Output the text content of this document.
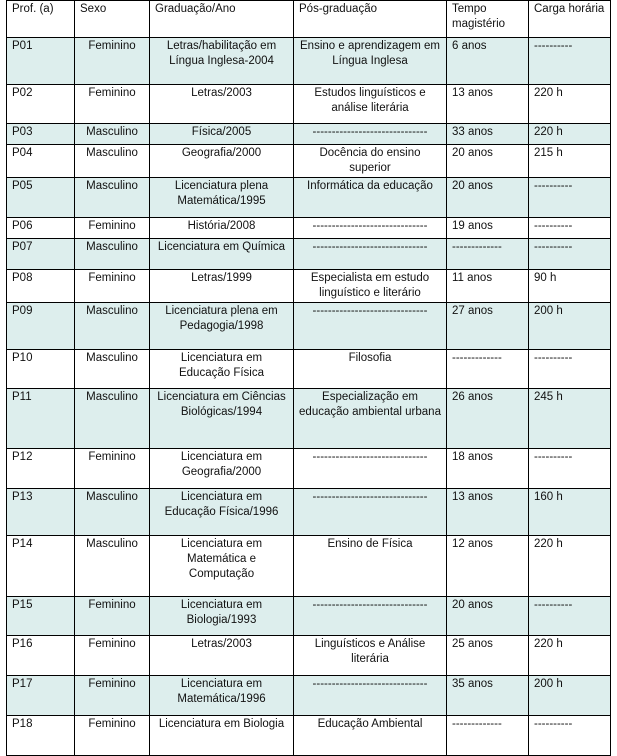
Prof. (a)	Sexo	Graduação/Ano	Pós-graduação	Tempo magistério	Carga horária
P01	Feminino	Letras/habilitação em Língua Inglesa-2004	Ensino e aprendizagem em Língua Inglesa	6 anos	----------
P02	Feminino	Letras/2003	Estudos linguísticos e análise literária	13 anos	220 h
P03	Masculino	Física/2005	------------------------------	33 anos	220 h
P04	Masculino	Geografia/2000	Docência do ensino superior	20 anos	215 h
P05	Masculino	Licenciatura plena Matemática/1995	Informática da educação	20 anos	----------
P06	Feminino	História/2008	------------------------------	19 anos	----------
P07	Masculino	Licenciatura em Química	------------------------------	-------------	----------
P08	Feminino	Letras/1999	Especialista em estudo linguístico e literário	11 anos	90 h
P09	Masculino	Licenciatura plena em Pedagogia/1998	------------------------------	27 anos	200 h
P10	Masculino	Licenciatura em Educação Física	Filosofia	-------------	----------
P11	Masculino	Licenciatura em Ciências Biológicas/1994	Especialização em educação ambiental urbana	26 anos	245 h
P12	Feminino	Licenciatura em Geografia/2000	------------------------------	18 anos	----------
P13	Masculino	Licenciatura em Educação Física/1996	------------------------------	13 anos	160 h
P14	Masculino	Licenciatura em Matemática e Computação	Ensino de Física	12 anos	220 h
P15	Feminino	Licenciatura em Biologia/1993	------------------------------	20 anos	----------
P16	Feminino	Letras/2003	Linguísticos e Análise literária	25 anos	220 h
P17	Feminino	Licenciatura em Matemática/1996	------------------------------	35 anos	200 h
P18	Feminino	Licenciatura em Biologia	Educação Ambiental	-------------	----------
